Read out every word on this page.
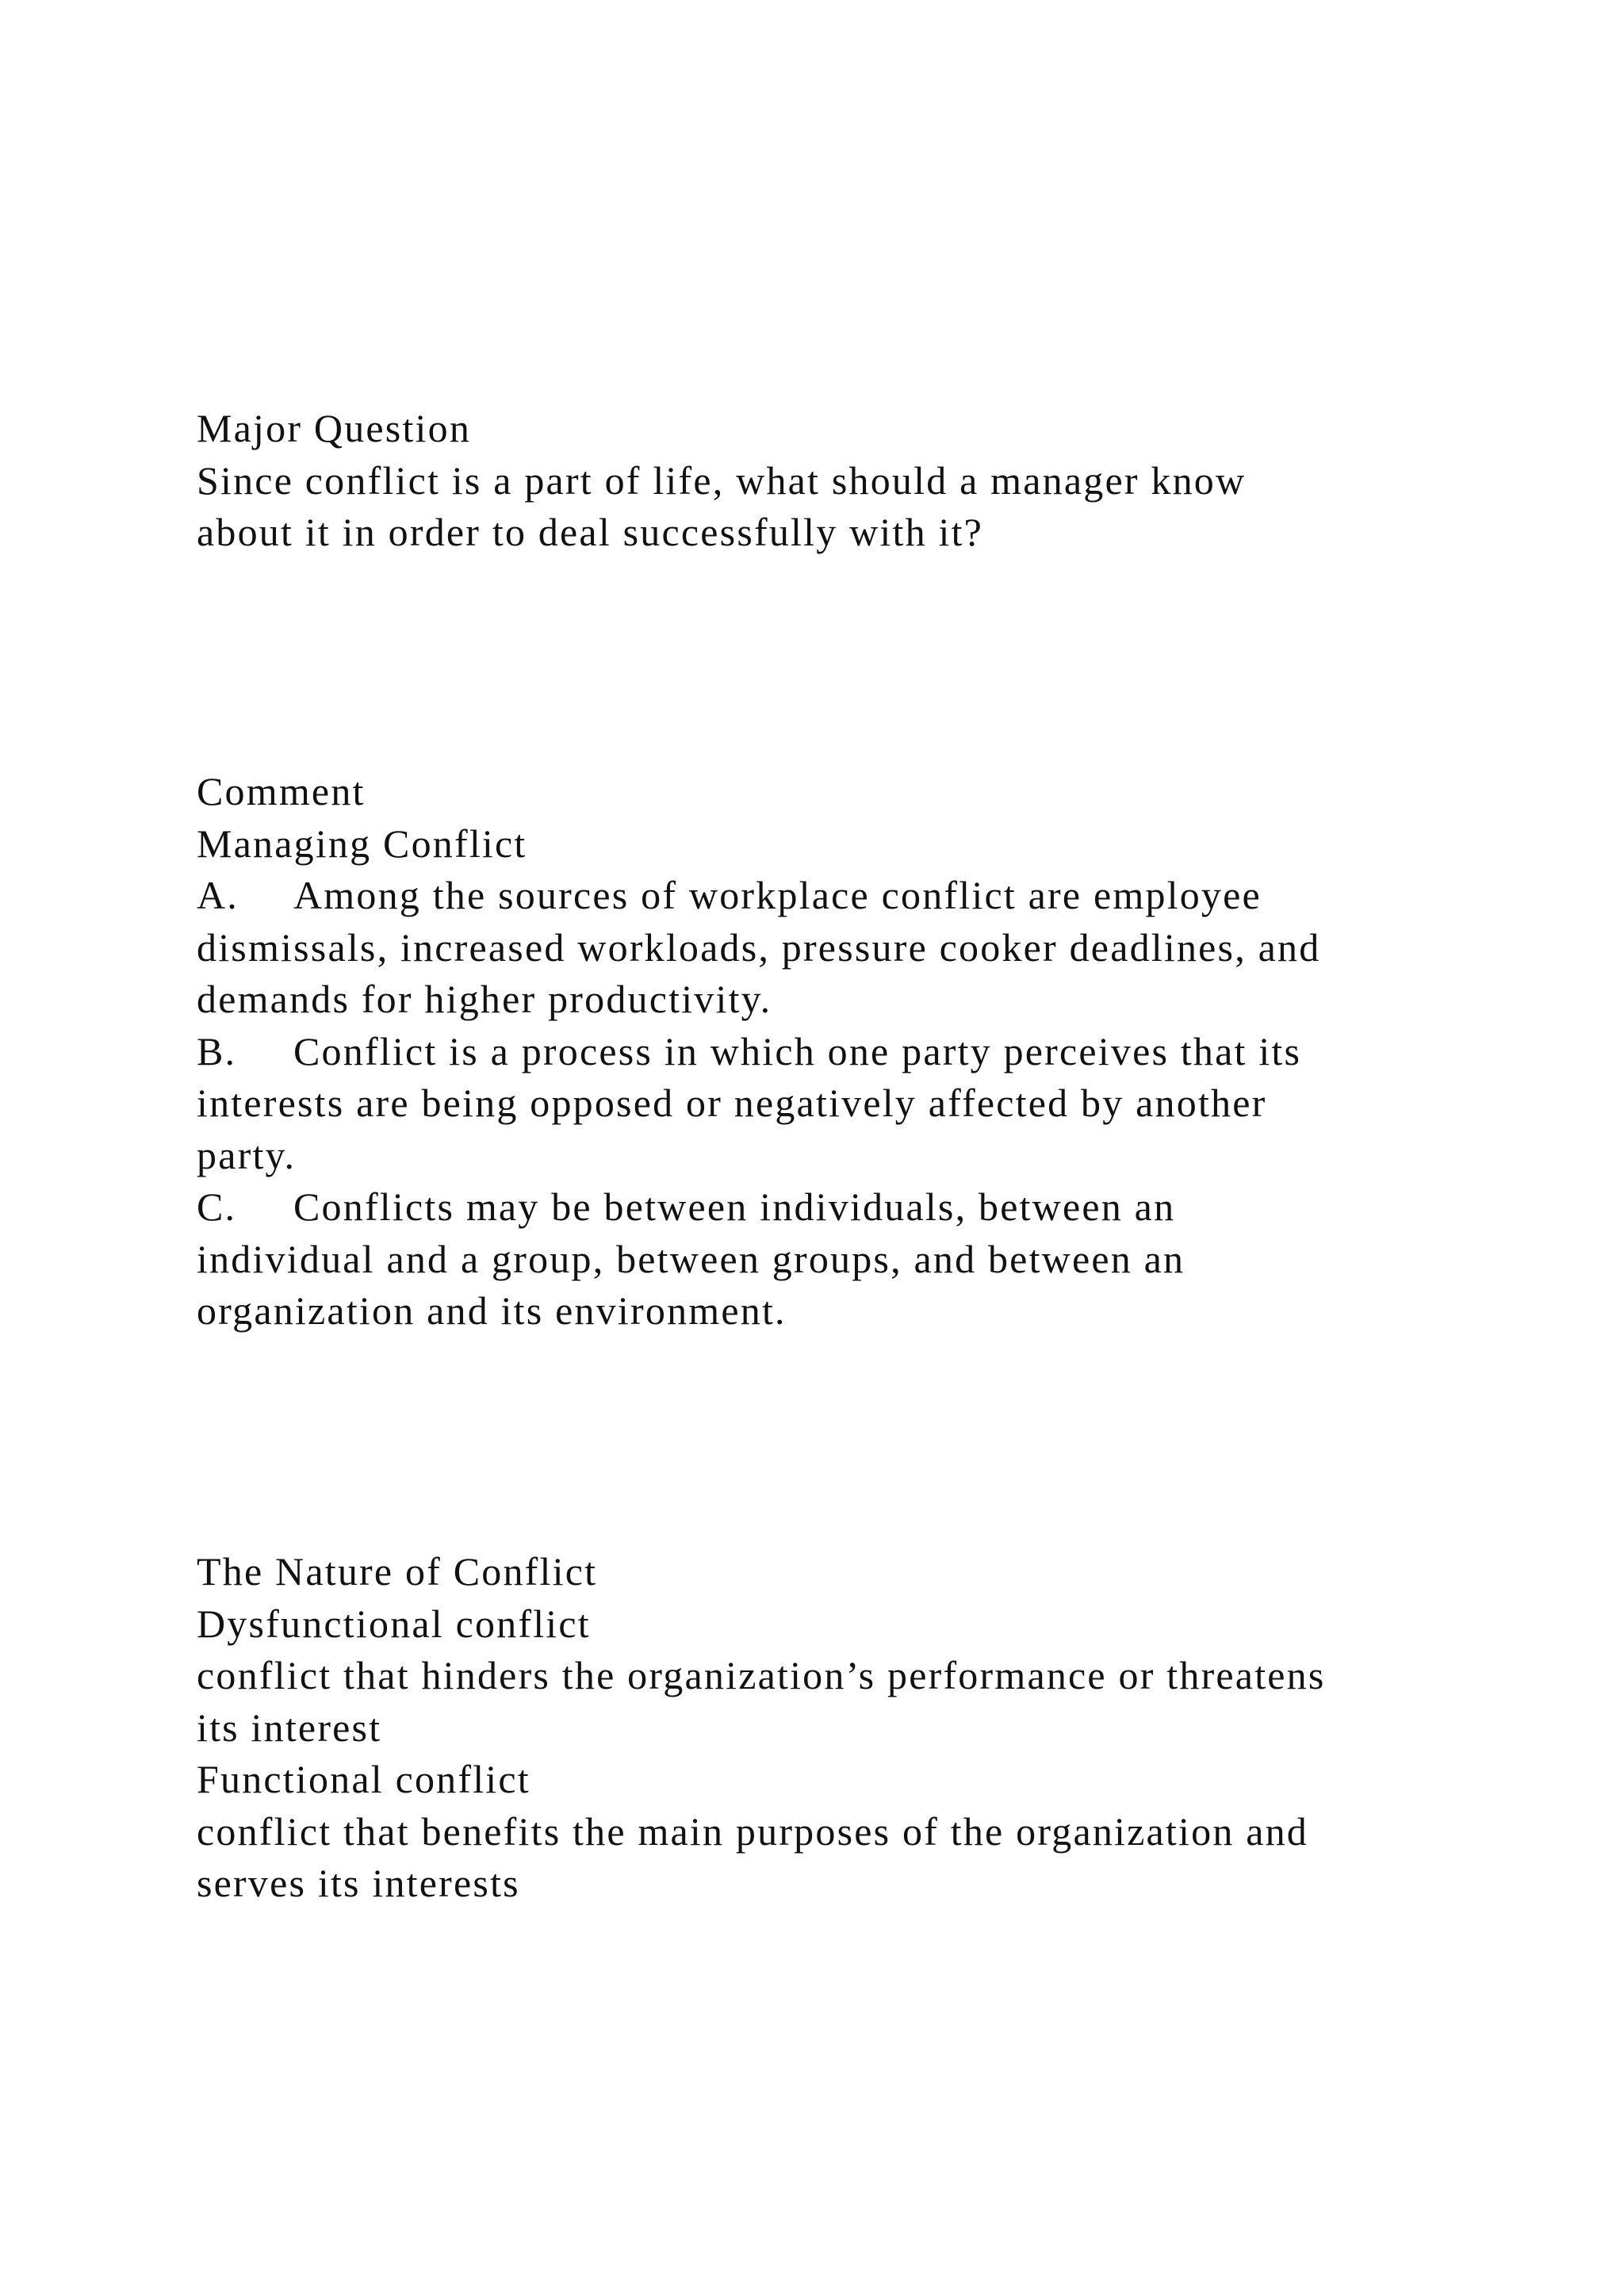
Major Question
Since conflict is a part of life, what should a manager know
about it in order to deal successfully with it?
Comment
Managing Conflict
A. Among the sources of workplace conflict are employee
dismissals, increased workloads, pressure cooker deadlines, and
demands for higher productivity.
B. Conflict is a process in which one party perceives that its
interests are being opposed or negatively affected by another
party.
C. Conflicts may be between individuals, between an
individual and a group, between groups, and between an
organization and its environment.
The Nature of Conflict
Dysfunctional conflict
conflict that hinders the organization’s performance or threatens
its interest
Functional conflict
conflict that benefits the main purposes of the organization and
serves its interests
